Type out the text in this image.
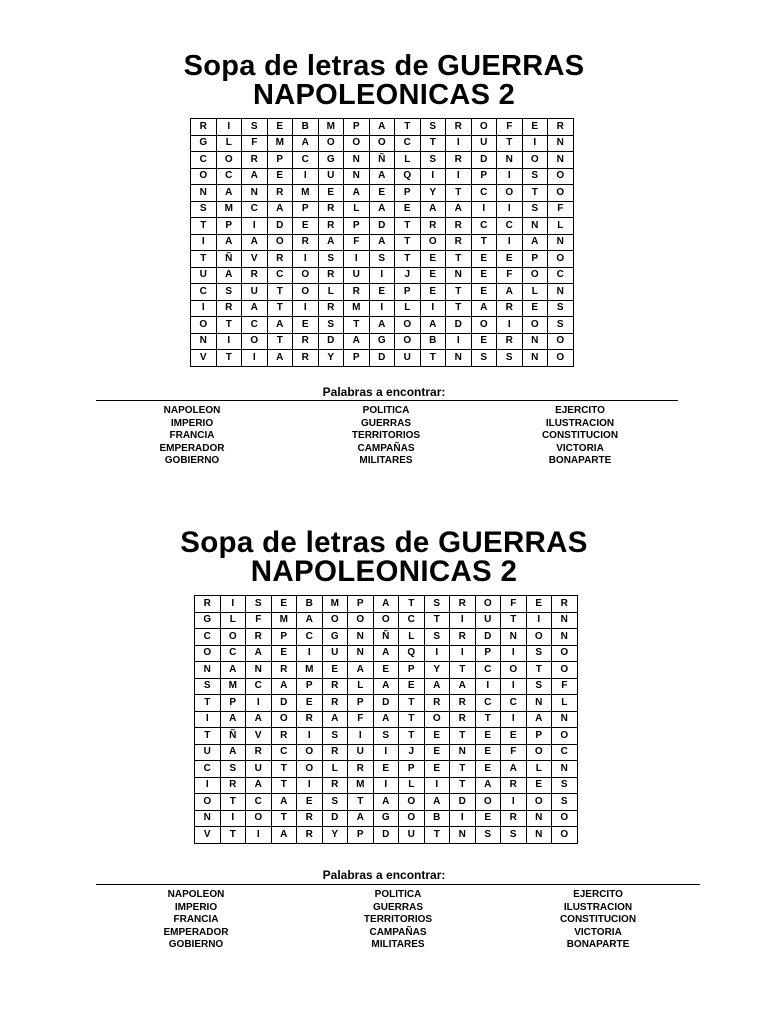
Sopa de letras de GUERRAS

NAPOLEONICAS 2

R	I	S	E	B	M	P	A	T	S	R	O	F	E	R
G	L	F	M	A	O	O	O	C	T	I	U	T	I	N
C	O	R	P	C	G	N	Ñ	L	S	R	D	N	O	N
O	C	A	E	I	U	N	A	Q	I	I	P	I	S	O
N	A	N	R	M	E	A	E	P	Y	T	C	O	T	O
S	M	C	A	P	R	L	A	E	A	A	I	I	S	F
T	P	I	D	E	R	P	D	T	R	R	C	C	N	L
I	A	A	O	R	A	F	A	T	O	R	T	I	A	N
T	Ñ	V	R	I	S	I	S	T	E	T	E	E	P	O
U	A	R	C	O	R	U	I	J	E	N	E	F	O	C
C	S	U	T	O	L	R	E	P	E	T	E	A	L	N
I	R	A	T	I	R	M	I	L	I	T	A	R	E	S
O	T	C	A	E	S	T	A	O	A	D	O	I	O	S
N	I	O	T	R	D	A	G	O	B	I	E	R	N	O
V	T	I	A	R	Y	P	D	U	T	N	S	S	N	O

Palabras a encontrar:

NAPOLEON
IMPERIO
FRANCIA
EMPERADOR
GOBIERNO
POLITICA
GUERRAS
TERRITORIOS
CAMPAÑAS
MILITARES
EJERCITO
ILUSTRACION
CONSTITUCION
VICTORIA
BONAPARTE

Sopa de letras de GUERRAS

NAPOLEONICAS 2

R	I	S	E	B	M	P	A	T	S	R	O	F	E	R
G	L	F	M	A	O	O	O	C	T	I	U	T	I	N
C	O	R	P	C	G	N	Ñ	L	S	R	D	N	O	N
O	C	A	E	I	U	N	A	Q	I	I	P	I	S	O
N	A	N	R	M	E	A	E	P	Y	T	C	O	T	O
S	M	C	A	P	R	L	A	E	A	A	I	I	S	F
T	P	I	D	E	R	P	D	T	R	R	C	C	N	L
I	A	A	O	R	A	F	A	T	O	R	T	I	A	N
T	Ñ	V	R	I	S	I	S	T	E	T	E	E	P	O
U	A	R	C	O	R	U	I	J	E	N	E	F	O	C
C	S	U	T	O	L	R	E	P	E	T	E	A	L	N
I	R	A	T	I	R	M	I	L	I	T	A	R	E	S
O	T	C	A	E	S	T	A	O	A	D	O	I	O	S
N	I	O	T	R	D	A	G	O	B	I	E	R	N	O
V	T	I	A	R	Y	P	D	U	T	N	S	S	N	O

Palabras a encontrar:

NAPOLEON
IMPERIO
FRANCIA
EMPERADOR
GOBIERNO
POLITICA
GUERRAS
TERRITORIOS
CAMPAÑAS
MILITARES
EJERCITO
ILUSTRACION
CONSTITUCION
VICTORIA
BONAPARTE
